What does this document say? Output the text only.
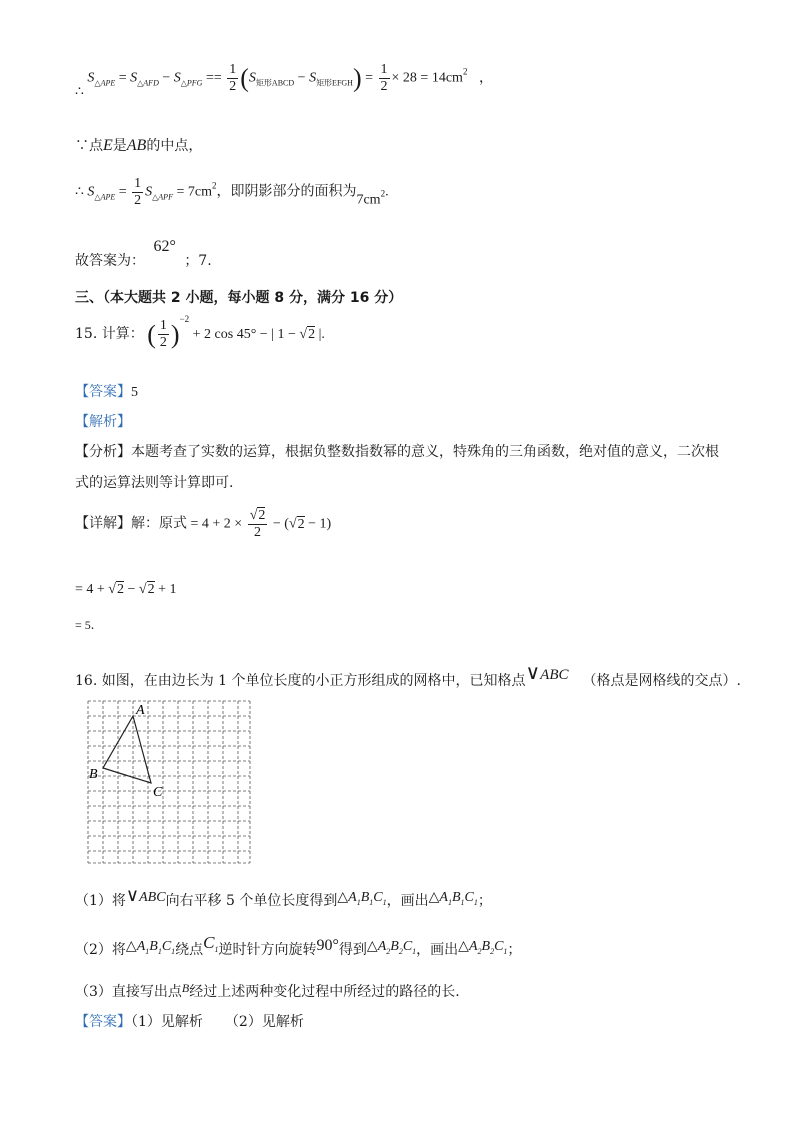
∴ $S_{\triangle APE} = S_{\triangle AFD} - S_{\triangle PFG} == \frac{1}{2} (S_{矩形ABCD} - S_{矩形EFGH}) = \frac{1}{2} \times 28 = 14cm^2$ ，
∵点E是AB的中点，
∴ $S_{\triangle APE} = \frac{1}{2} S_{\triangle APF} = 7cm^2$，即阴影部分的面积为7cm2.
故答案为： 62° ；7.
三、（本大题共 2 小题，每小题 8 分，满分 16 分）
15. 计算： ( $\frac{1}{2} )^{-2} + 2$ cos 45° − | 1 − √2 |.
【答案】5
【解析】
【分析】本题考查了实数的运算，根据负整数指数幂的意义，特殊角的三角函数，绝对值的意义，二次根
式的运算法则等计算即可.
【详解】解：原式 = $4 + 2 \times \frac{√2}{2} - (√2 - 1)$
= 4 + √2 − √2 + 1
= 5.
16. 如图，在由边长为 1 个单位长度的小正方形组成的网格中，已知格点∨ABC （格点是网格线的交点）.
A
B
C
（1）将∨ABC向右平移 5 个单位长度得到$\triangle A_1B_1C_1$，画出$\triangle A_1B_1C_1$；
（2）将$\triangle A_1B_1C_1$绕点$C_1$逆时针方向旋转90°得到$\triangle A_2B_2C_1$，画出$\triangle A_2B_2C_1$；
（3）直接写出点B经过上述两种变化过程中所经过的路径的长.
【答案】（1）见解析 （2）见解析
